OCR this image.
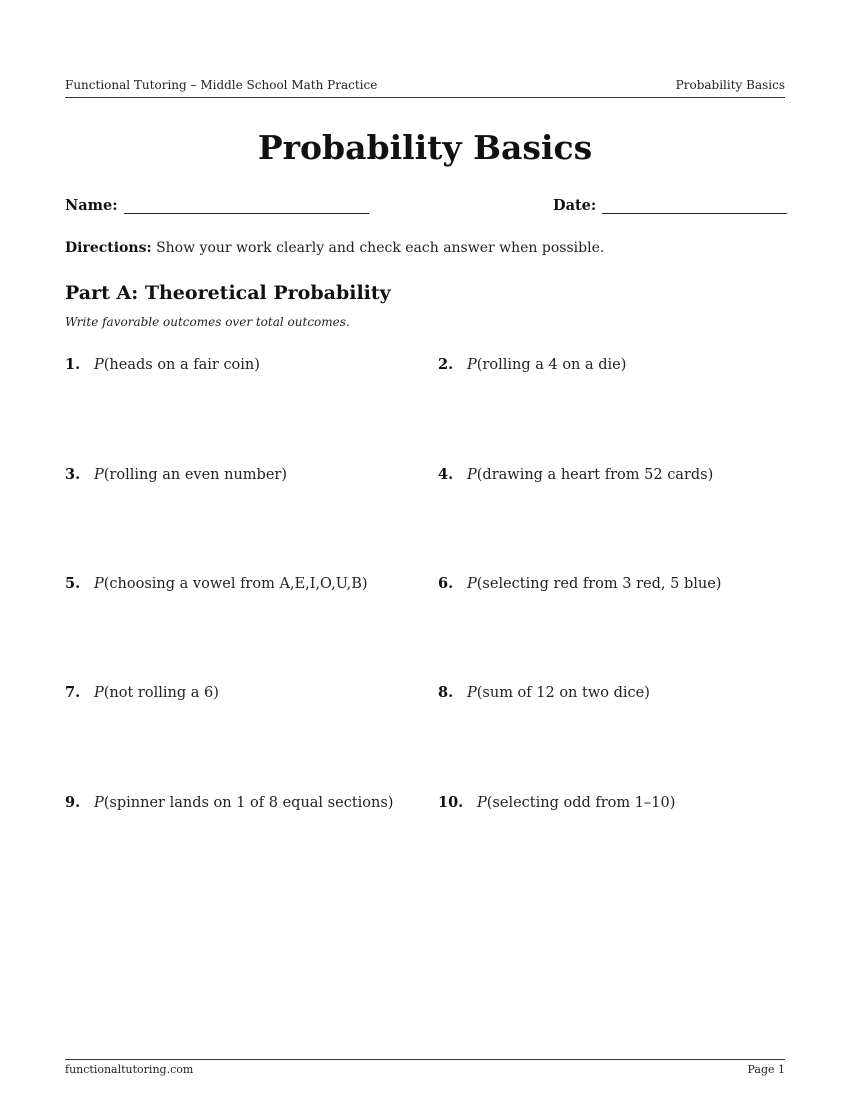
Functional Tutoring – Middle School Math Practice	Probability Basics
Probability Basics
Name:	Date:
Directions: Show your work clearly and check each answer when possible.
Part A: Theoretical Probability
Write favorable outcomes over total outcomes.
1. P(heads on a fair coin)	2. P(rolling a 4 on a die)
3. P(rolling an even number)	4. P(drawing a heart from 52 cards)
5. P(choosing a vowel from A,E,I,O,U,B)	6. P(selecting red from 3 red, 5 blue)
7. P(not rolling a 6)	8. P(sum of 12 on two dice)
9. P(spinner lands on 1 of 8 equal sections)	10. P(selecting odd from 1–10)
functionaltutoring.com	Page 1
